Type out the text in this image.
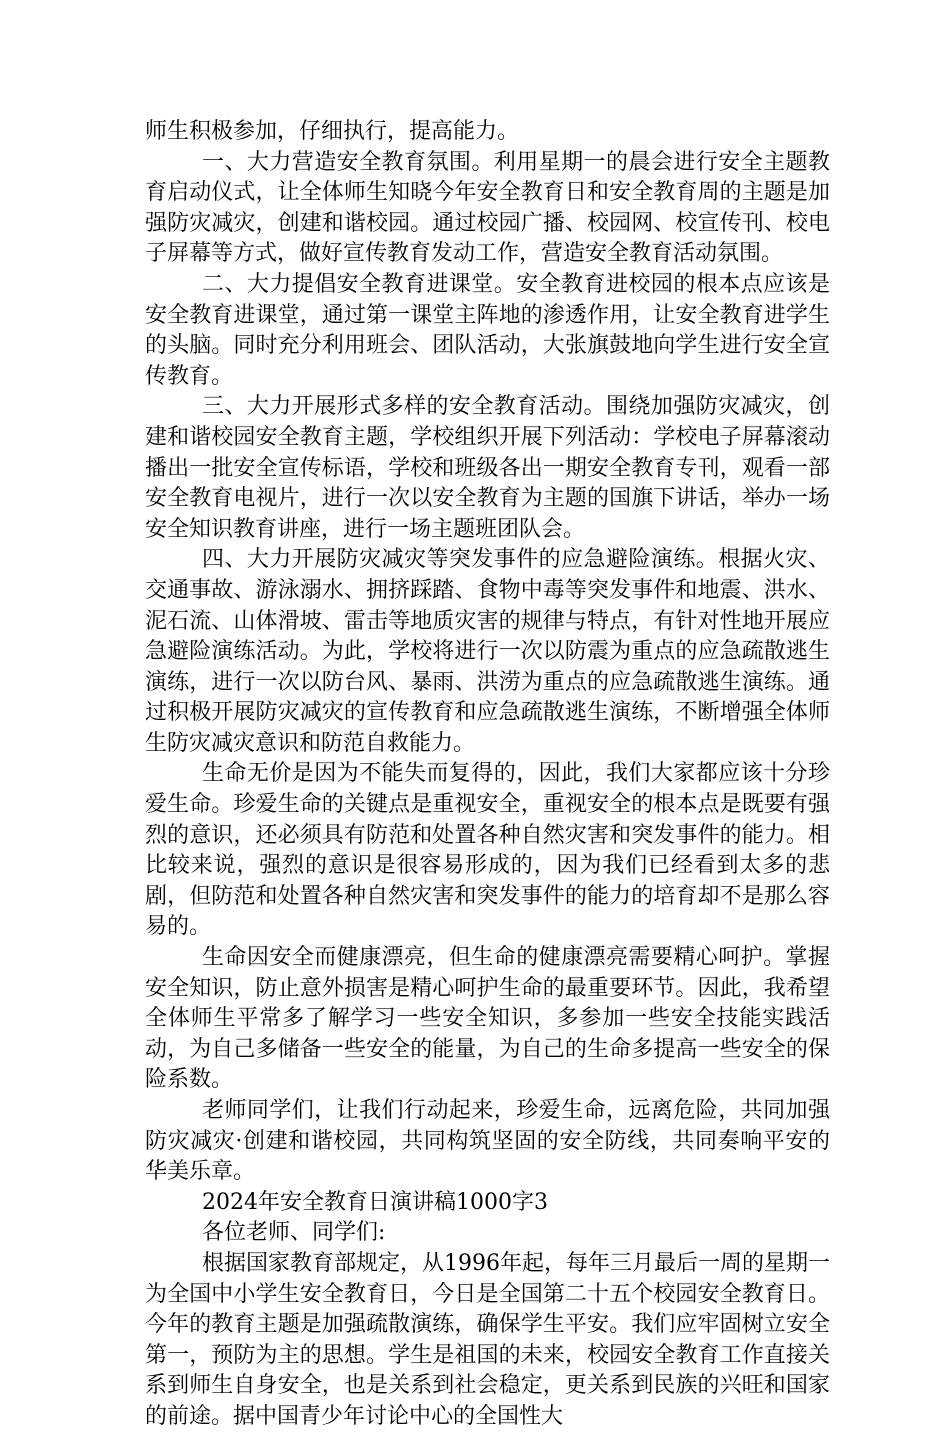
师生积极参加，仔细执行，提高能力。

一、大力营造安全教育氛围。利用星期一的晨会进行安全主题教育启动仪式，让全体师生知晓今年安全教育日和安全教育周的主题是加强防灾减灾，创建和谐校园。通过校园广播、校园网、校宣传刊、校电子屏幕等方式，做好宣传教育发动工作，营造安全教育活动氛围。

二、大力提倡安全教育进课堂。安全教育进校园的根本点应该是安全教育进课堂，通过第一课堂主阵地的渗透作用，让安全教育进学生的头脑。同时充分利用班会、团队活动，大张旗鼓地向学生进行安全宣传教育。

三、大力开展形式多样的安全教育活动。围绕加强防灾减灾，创建和谐校园安全教育主题，学校组织开展下列活动：学校电子屏幕滚动播出一批安全宣传标语，学校和班级各出一期安全教育专刊，观看一部安全教育电视片，进行一次以安全教育为主题的国旗下讲话，举办一场安全知识教育讲座，进行一场主题班团队会。

四、大力开展防灾减灾等突发事件的应急避险演练。根据火灾、交通事故、游泳溺水、拥挤踩踏、食物中毒等突发事件和地震、洪水、泥石流、山体滑坡、雷击等地质灾害的规律与特点，有针对性地开展应急避险演练活动。为此，学校将进行一次以防震为重点的应急疏散逃生演练，进行一次以防台风、暴雨、洪涝为重点的应急疏散逃生演练。通过积极开展防灾减灾的宣传教育和应急疏散逃生演练，不断增强全体师生防灾减灾意识和防范自救能力。

生命无价是因为不能失而复得的，因此，我们大家都应该十分珍爱生命。珍爱生命的关键点是重视安全，重视安全的根本点是既要有强烈的意识，还必须具有防范和处置各种自然灾害和突发事件的能力。相比较来说，强烈的意识是很容易形成的，因为我们已经看到太多的悲剧，但防范和处置各种自然灾害和突发事件的能力的培育却不是那么容易的。

生命因安全而健康漂亮，但生命的健康漂亮需要精心呵护。掌握安全知识，防止意外损害是精心呵护生命的最重要环节。因此，我希望全体师生平常多了解学习一些安全知识，多参加一些安全技能实践活动，为自己多储备一些安全的能量，为自己的生命多提高一些安全的保险系数。

老师同学们，让我们行动起来，珍爱生命，远离危险，共同加强防灾减灾·创建和谐校园，共同构筑坚固的安全防线，共同奏响平安的华美乐章。

2024年安全教育日演讲稿1000字3

各位老师、同学们:

根据国家教育部规定，从1996年起，每年三月最后一周的星期一为全国中小学生安全教育日，今日是全国第二十五个校园安全教育日。今年的教育主题是加强疏散演练，确保学生平安。我们应牢固树立安全第一，预防为主的思想。学生是祖国的未来，校园安全教育工作直接关系到师生自身安全，也是关系到社会稳定，更关系到民族的兴旺和国家的前途。据中国青少年讨论中心的全国性大
